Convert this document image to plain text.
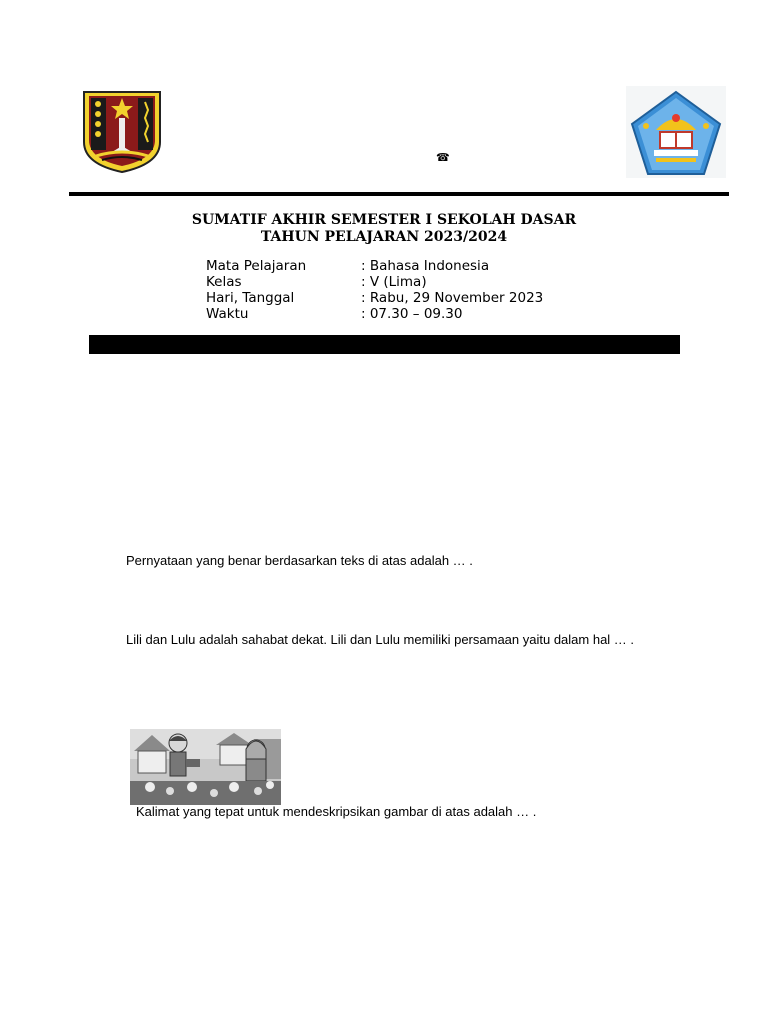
☎
SUMATIF AKHIR SEMESTER I SEKOLAH DASAR
TAHUN PELAJARAN 2023/2024
Mata Pelajaran	: Bahasa Indonesia
Kelas	: V (Lima)
Hari, Tanggal	: Rabu, 29 November 2023
Waktu	: 07.30 – 09.30
Pernyataan yang benar berdasarkan teks di atas adalah … .
Lili dan Lulu adalah sahabat dekat. Lili dan Lulu memiliki persamaan yaitu dalam hal … .
Kalimat yang tepat untuk mendeskripsikan gambar di atas adalah … .
